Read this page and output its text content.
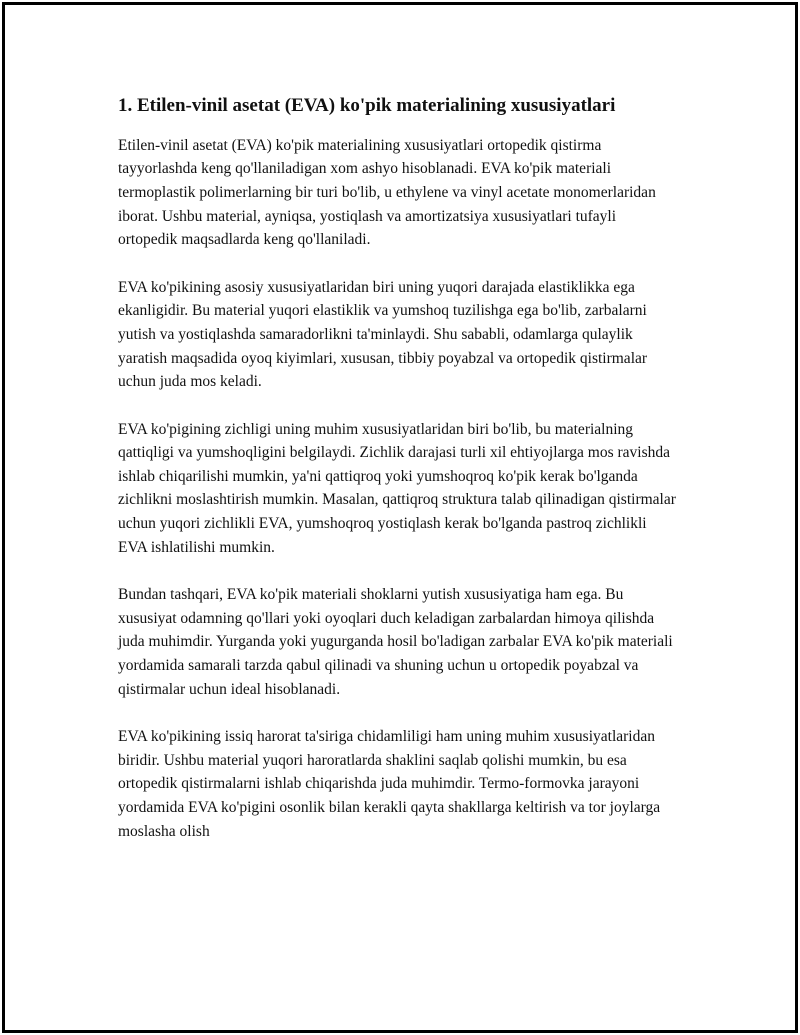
1. Etilen-vinil asetat (EVA) ko'pik materialining xususiyatlari

Etilen-vinil asetat (EVA) ko'pik materialining xususiyatlari ortopedik qistirma tayyorlashda keng qo'llaniladigan xom ashyo hisoblanadi. EVA ko'pik materiali termoplastik polimerlarning bir turi bo'lib, u ethylene va vinyl acetate monomerlaridan iborat. Ushbu material, ayniqsa, yostiqlash va amortizatsiya xususiyatlari tufayli ortopedik maqsadlarda keng qo'llaniladi.

EVA ko'pikining asosiy xususiyatlaridan biri uning yuqori darajada elastiklikka ega ekanligidir. Bu material yuqori elastiklik va yumshoq tuzilishga ega bo'lib, zarbalarni yutish va yostiqlashda samaradorlikni ta'minlaydi. Shu sababli, odamlarga qulaylik yaratish maqsadida oyoq kiyimlari, xususan, tibbiy poyabzal va ortopedik qistirmalar uchun juda mos keladi.

EVA ko'pigining zichligi uning muhim xususiyatlaridan biri bo'lib, bu materialning qattiqligi va yumshoqligini belgilaydi. Zichlik darajasi turli xil ehtiyojlarga mos ravishda ishlab chiqarilishi mumkin, ya'ni qattiqroq yoki yumshoqroq ko'pik kerak bo'lganda zichlikni moslashtirish mumkin. Masalan, qattiqroq struktura talab qilinadigan qistirmalar uchun yuqori zichlikli EVA, yumshoqroq yostiqlash kerak bo'lganda pastroq zichlikli EVA ishlatilishi mumkin.

Bundan tashqari, EVA ko'pik materiali shoklarni yutish xususiyatiga ham ega. Bu xususiyat odamning qo'llari yoki oyoqlari duch keladigan zarbalardan himoya qilishda juda muhimdir. Yurganda yoki yugurganda hosil bo'ladigan zarbalar EVA ko'pik materiali yordamida samarali tarzda qabul qilinadi va shuning uchun u ortopedik poyabzal va qistirmalar uchun ideal hisoblanadi.

EVA ko'pikining issiq harorat ta'siriga chidamliligi ham uning muhim xususiyatlaridan biridir. Ushbu material yuqori haroratlarda shaklini saqlab qolishi mumkin, bu esa ortopedik qistirmalarni ishlab chiqarishda juda muhimdir. Termo-formovka jarayoni yordamida EVA ko'pigini osonlik bilan kerakli qayta shakllarga keltirish va tor joylarga moslasha olish
